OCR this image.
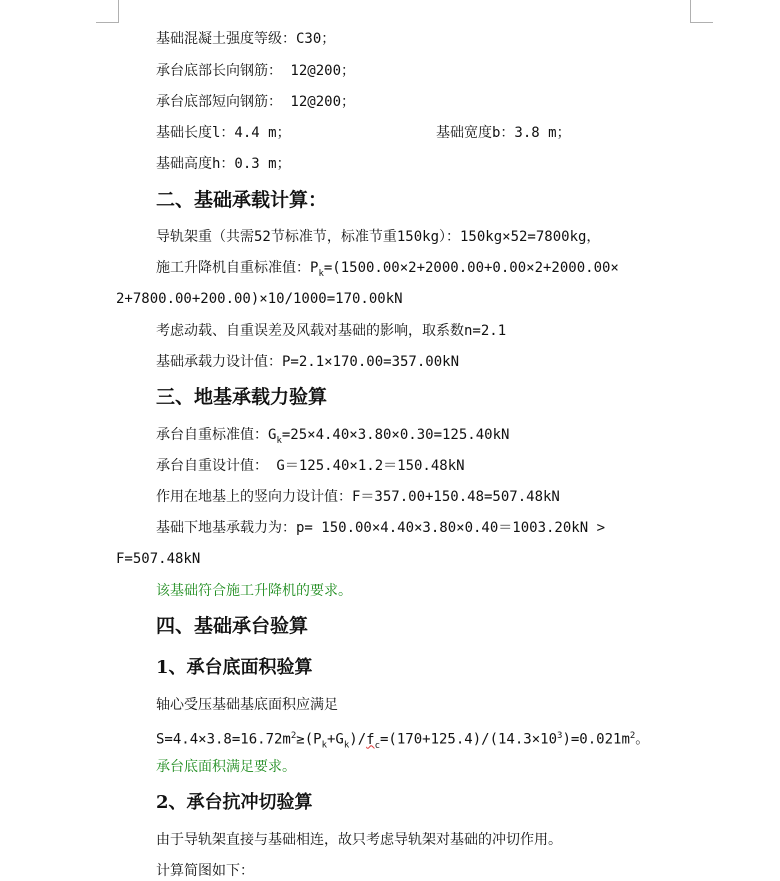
基础混凝土强度等级：C30；
承台底部长向钢筋： 12@200；
承台底部短向钢筋： 12@200；
基础长度l：4.4 m；	基础宽度b：3.8 m；
基础高度h：0.3 m；
二、基础承载计算：
导轨架重（共需52节标准节，标准节重150kg）：150kg×52=7800kg，
施工升降机自重标准值：$P_k=(1500.00\times 2+2000.00+0.00\times 2+2000.00\times$
2+7800.00+200.00)×10/1000=170.00kN
考虑动载、自重误差及风载对基础的影响，取系数n=2.1
基础承载力设计值：P=2.1×170.00=357.00kN
三、地基承载力验算
承台自重标准值：$G_k=25\times 4.40\times 3.80\times 0.30=125.40kN$
承台自重设计值： G＝125.40×1.2＝150.48kN
作用在地基上的竖向力设计值：F＝357.00+150.48=507.48kN
基础下地基承载力为：p= 150.00×4.40×3.80×0.40＝1003.20kN >
F=507.48kN
该基础符合施工升降机的要求。
四、基础承台验算
1、承台底面积验算
轴心受压基础基底面积应满足
$S=4.4\times 3.8=16.72m^2\ge(P_k+G_k)/f_c=(170+125.4)/(14.3\times 10^3)=0.021m^2$。
承台底面积满足要求。
2、承台抗冲切验算
由于导轨架直接与基础相连，故只考虑导轨架对基础的冲切作用。
计算简图如下：
